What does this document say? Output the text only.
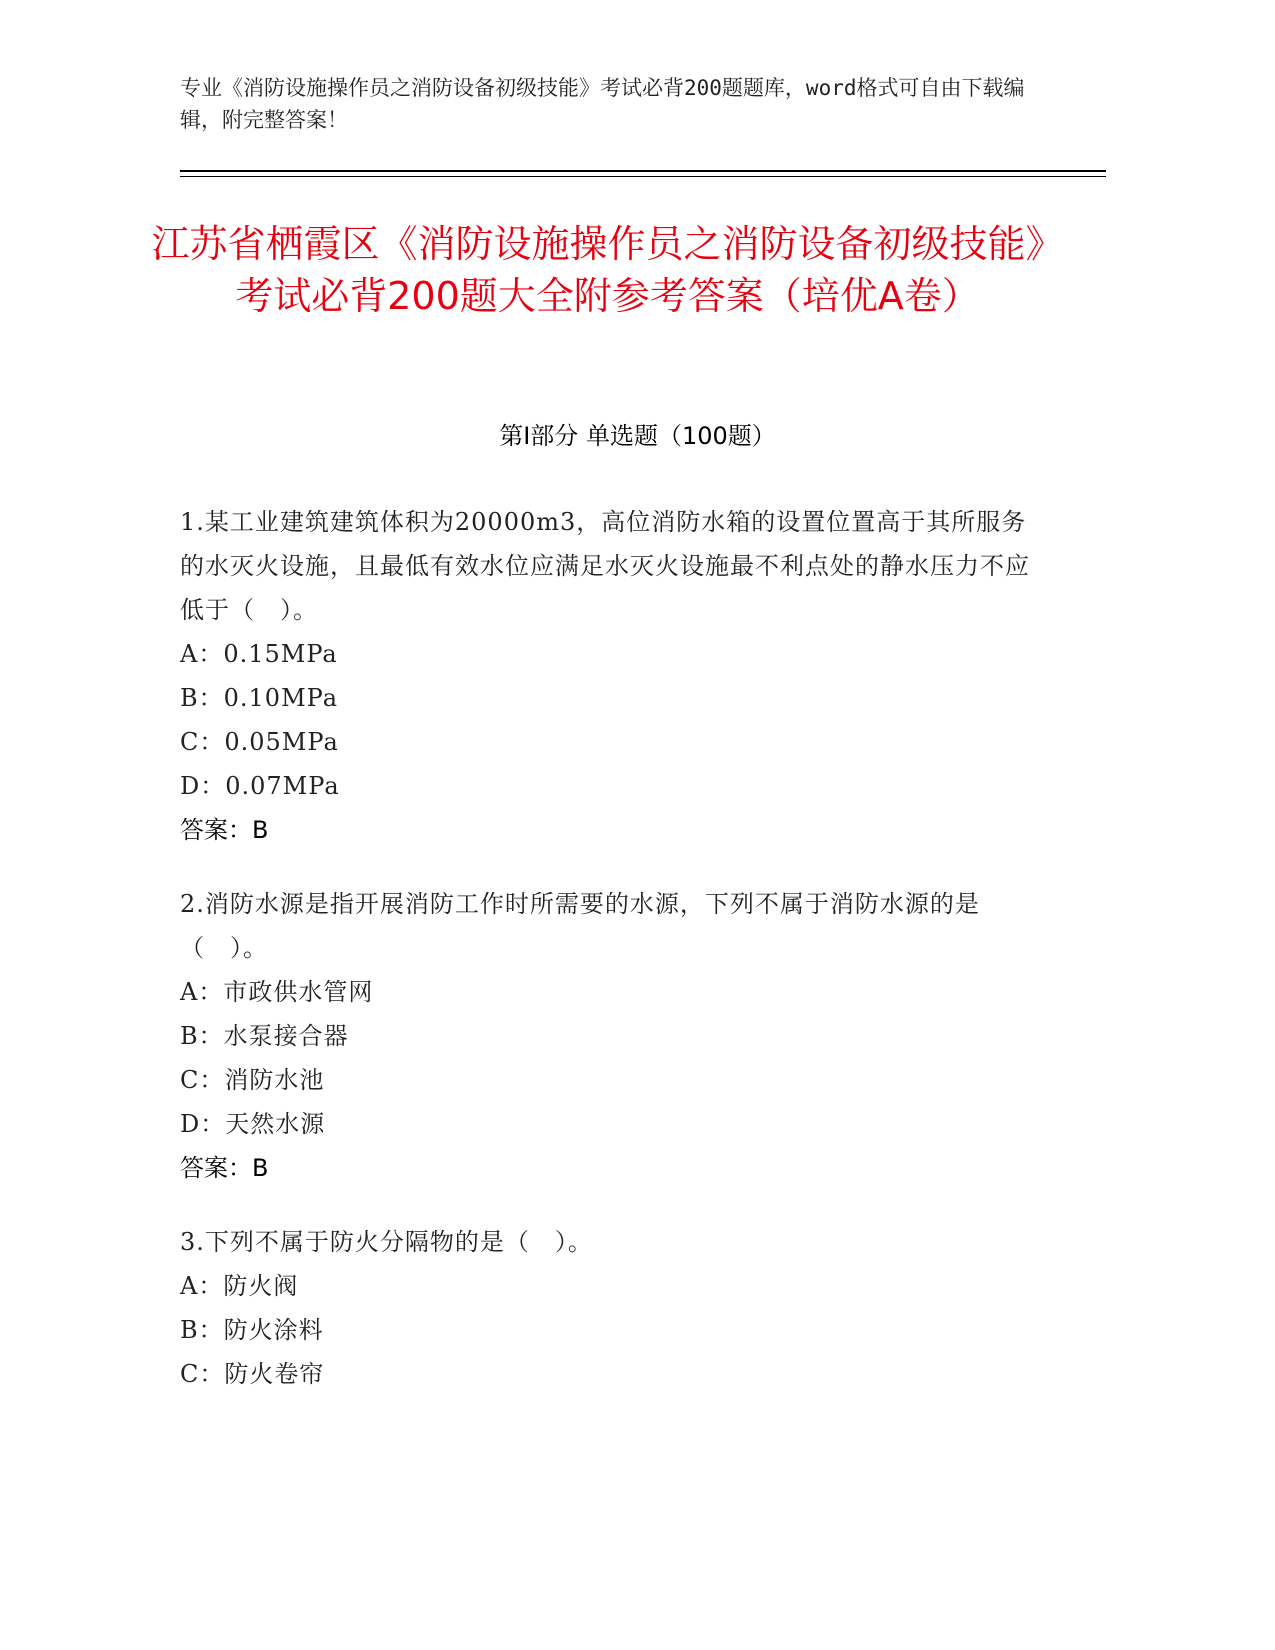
专业《消防设施操作员之消防设备初级技能》考试必背200题题库，word格式可自由下载编辑，附完整答案！
江苏省栖霞区《消防设施操作员之消防设备初级技能》考试必背200题大全附参考答案（培优A卷）
第Ⅰ部分 单选题（100题）

1.某工业建筑建筑体积为20000m3，高位消防水箱的设置位置高于其所服务的水灭火设施，且最低有效水位应满足水灭火设施最不利点处的静水压力不应低于（　）。

A：0.15MPa

B：0.10MPa

C：0.05MPa

D：0.07MPa

答案：B

2.消防水源是指开展消防工作时所需要的水源，下列不属于消防水源的是（　）。

A：市政供水管网

B：水泵接合器

C：消防水池

D：天然水源

答案：B

3.下列不属于防火分隔物的是（　）。

A：防火阀

B：防火涂料

C：防火卷帘
